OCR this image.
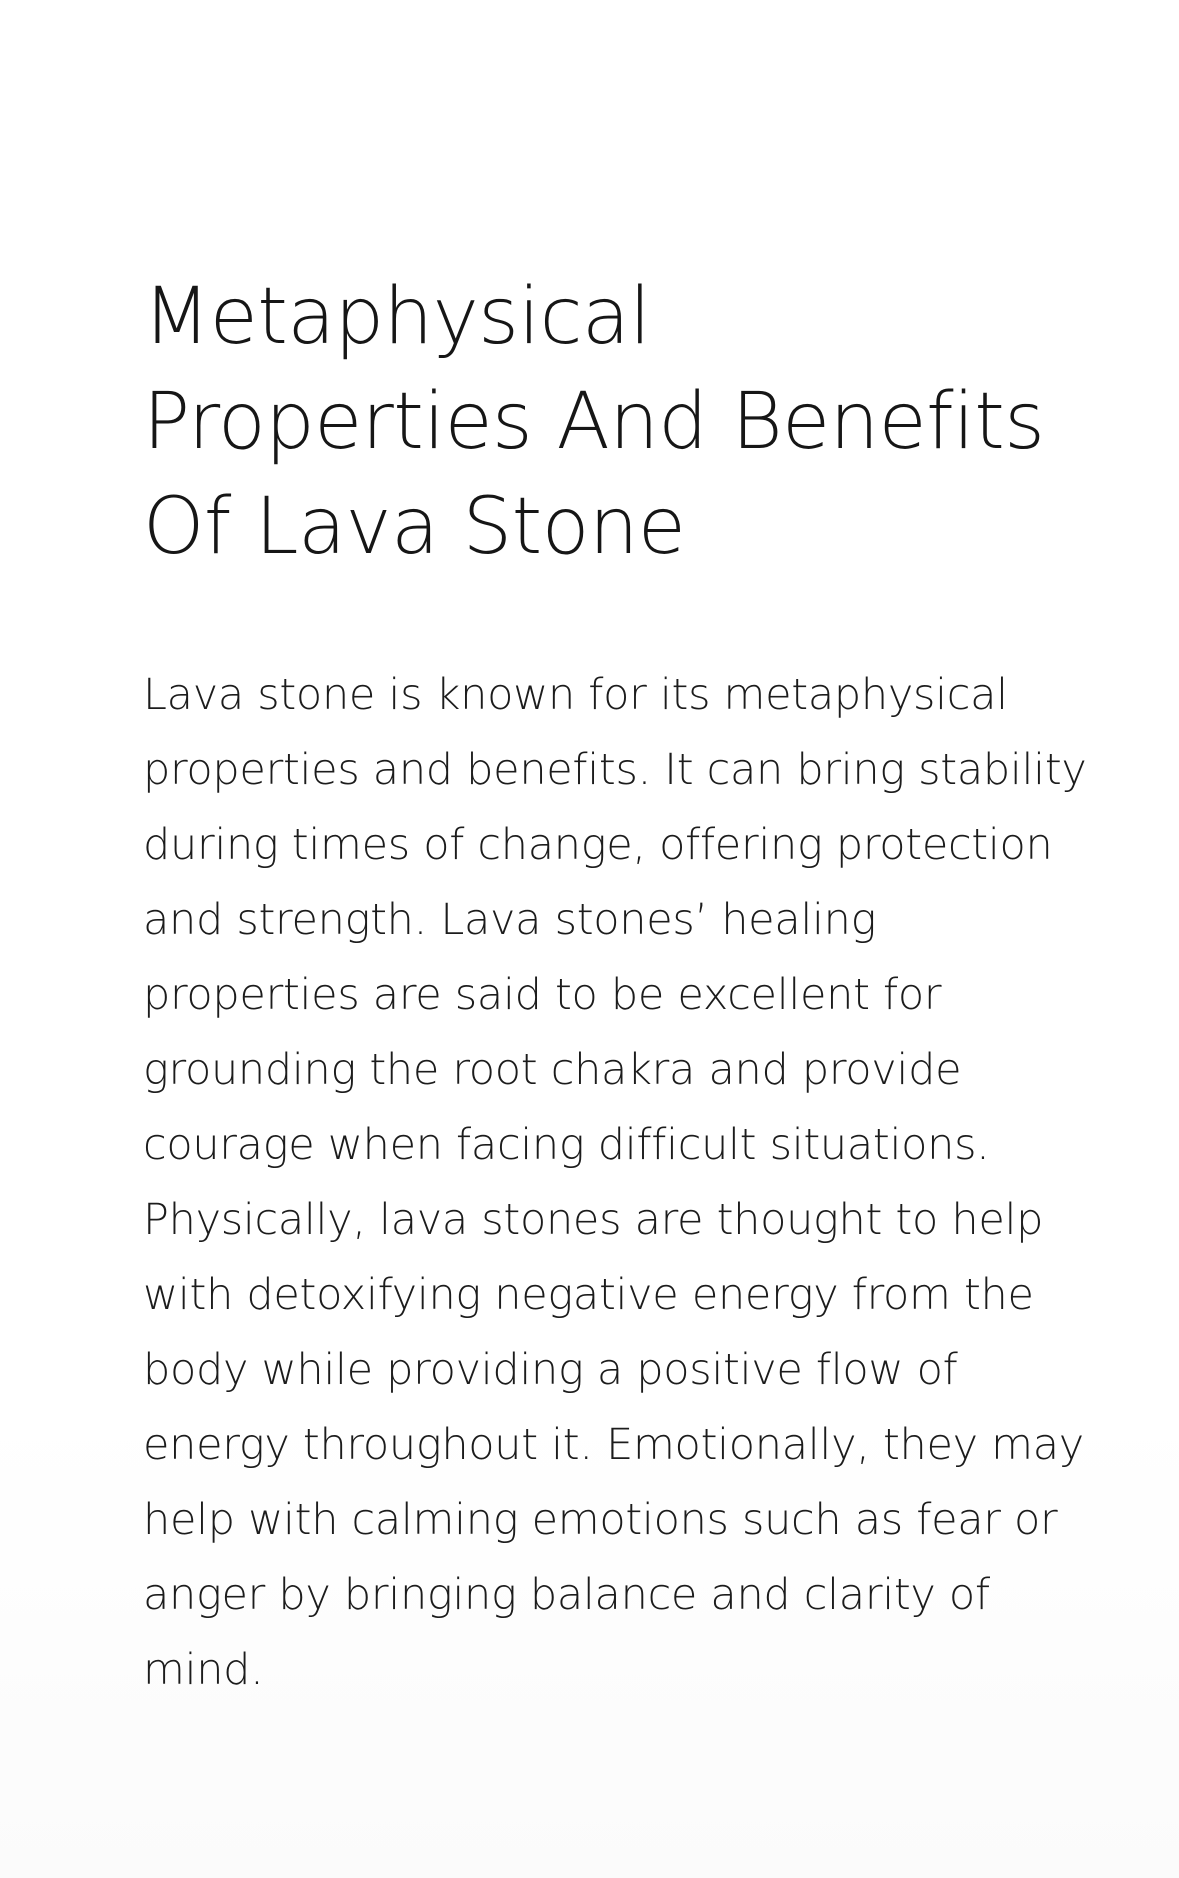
Metaphysical Properties And Benefits Of Lava Stone

Lava stone is known for its metaphysical properties and benefits. It can bring stability during times of change, offering protection and strength. Lava stones’ healing properties are said to be excellent for grounding the root chakra and provide courage when facing difficult situations. Physically, lava stones are thought to help with detoxifying negative energy from the body while providing a positive flow of energy throughout it. Emotionally, they may help with calming emotions such as fear or anger by bringing balance and clarity of mind.
